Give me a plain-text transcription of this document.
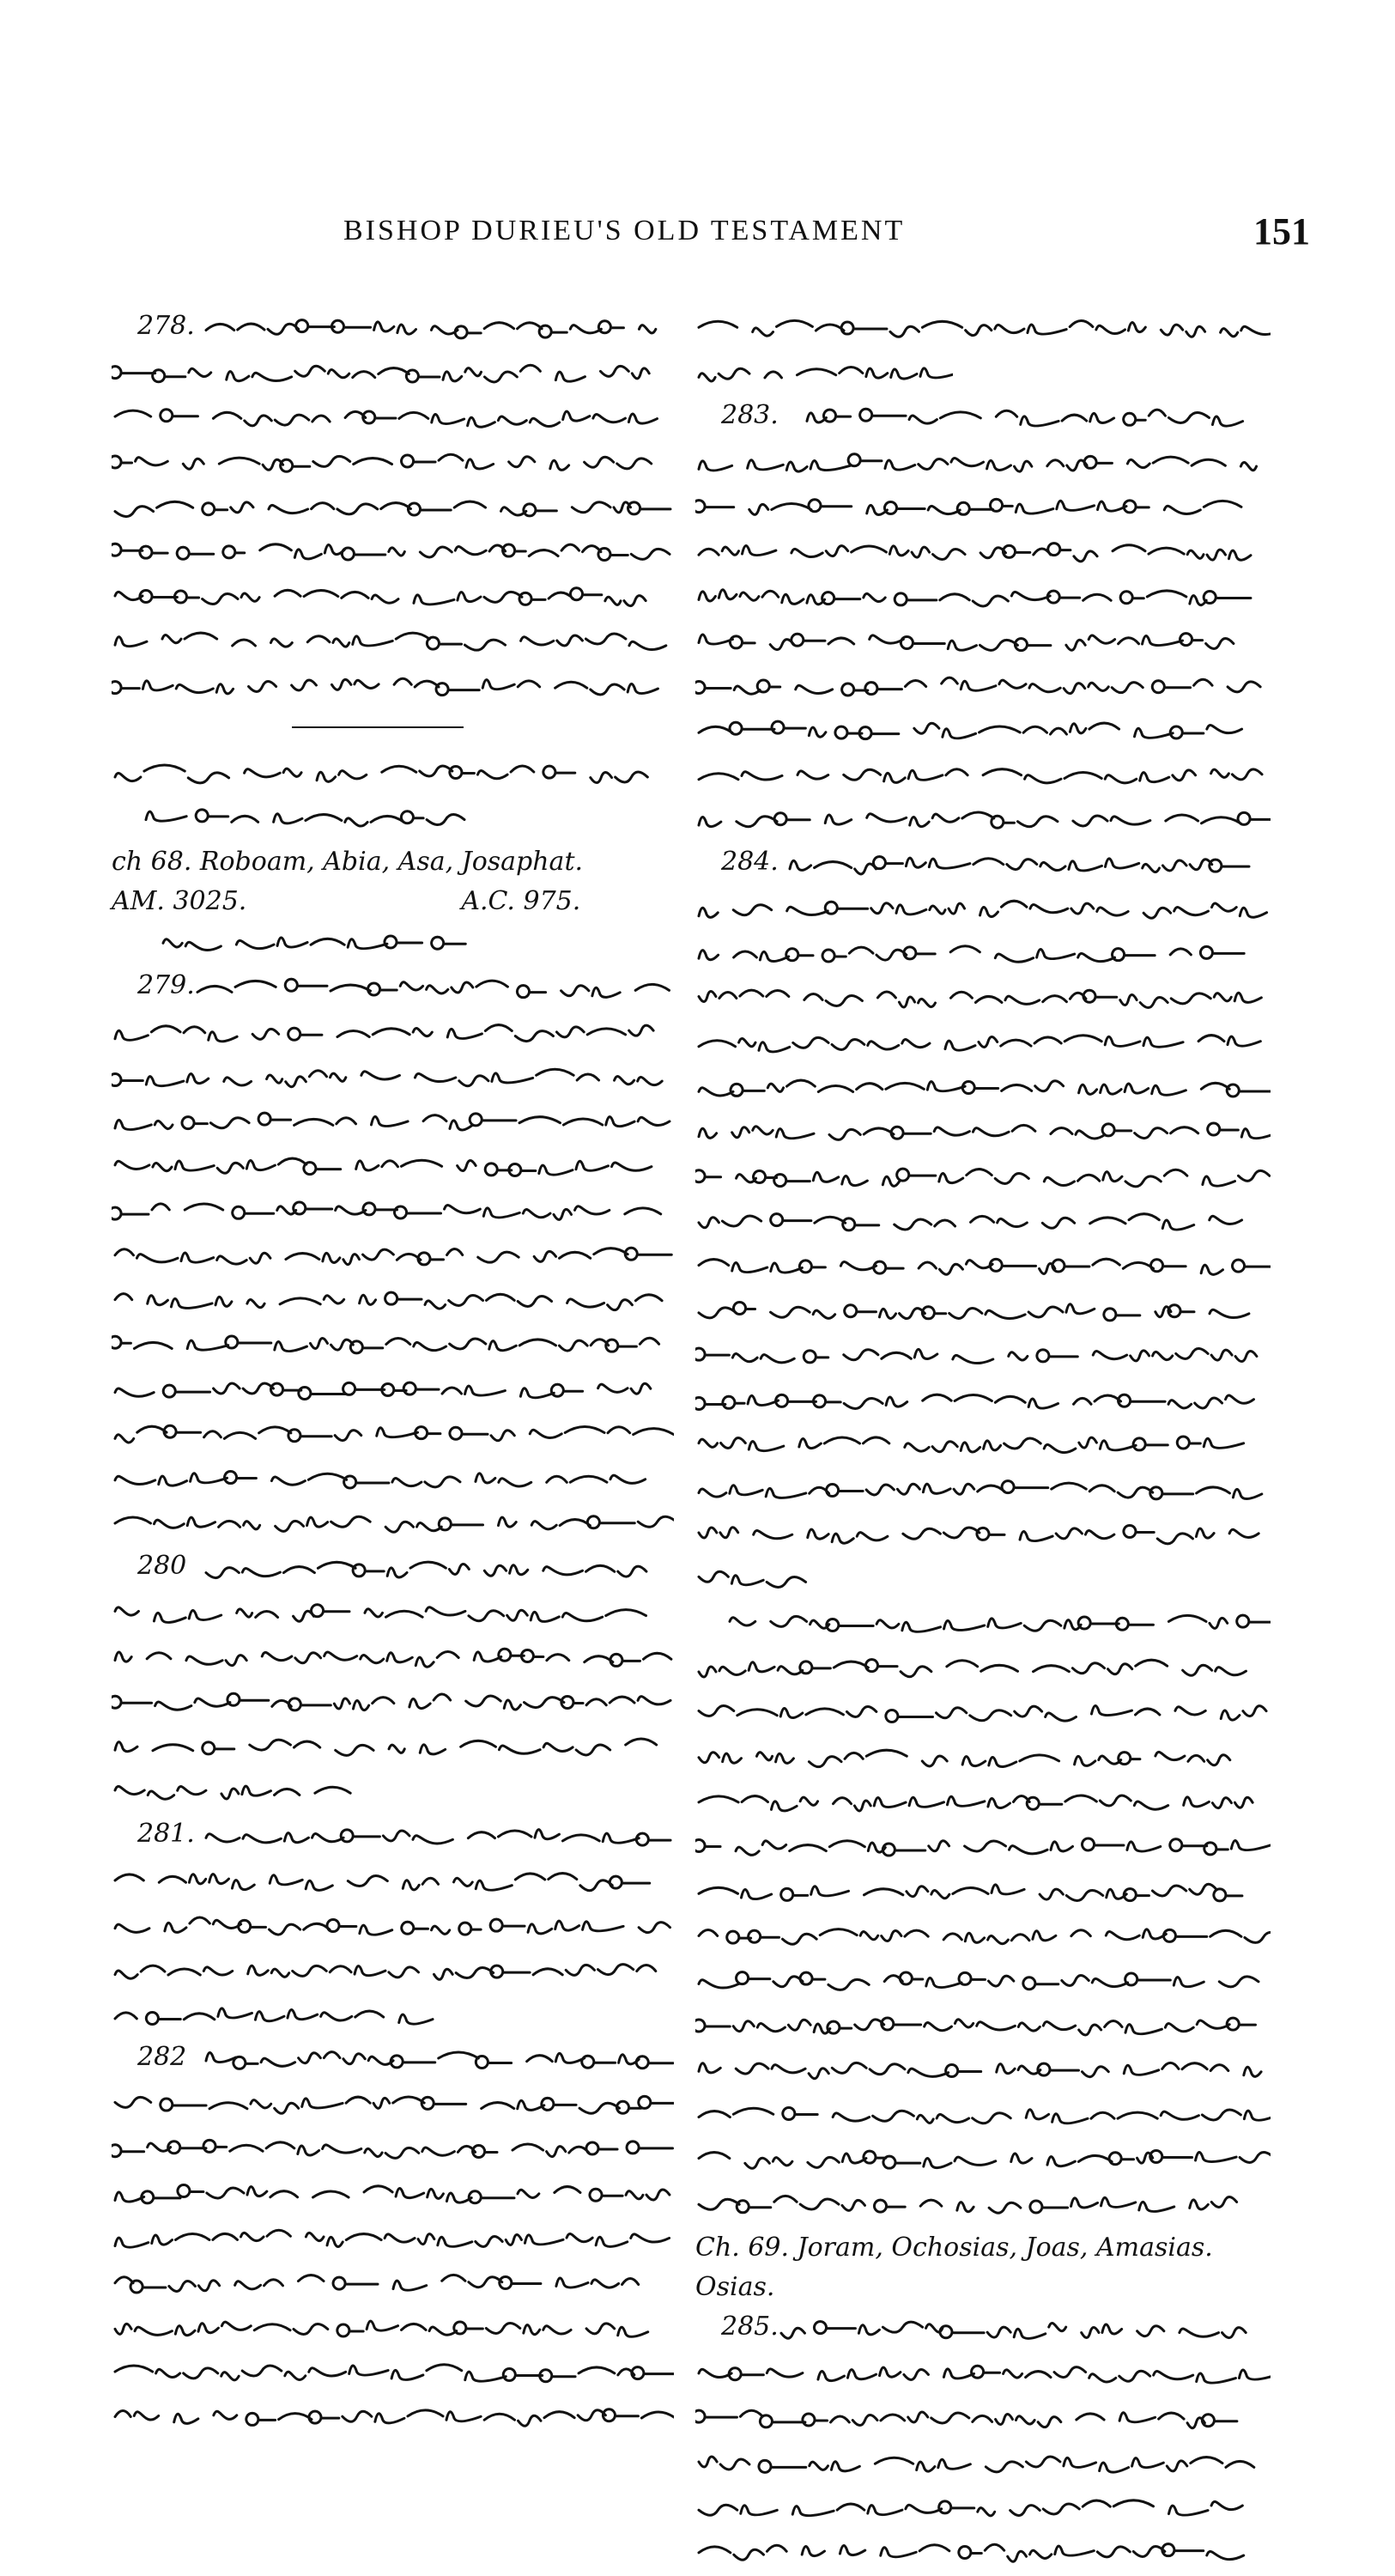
BISHOP DURIEU'S OLD TESTAMENT	151
278.
ch 68. Roboam, Abia, Asa, Josaphat.
AM. 3025.	A.C. 975.
279.
280
281.
282
283.
284.
Ch. 69. Joram, Ochosias, Joas, Amasias.
Osias.
285.
